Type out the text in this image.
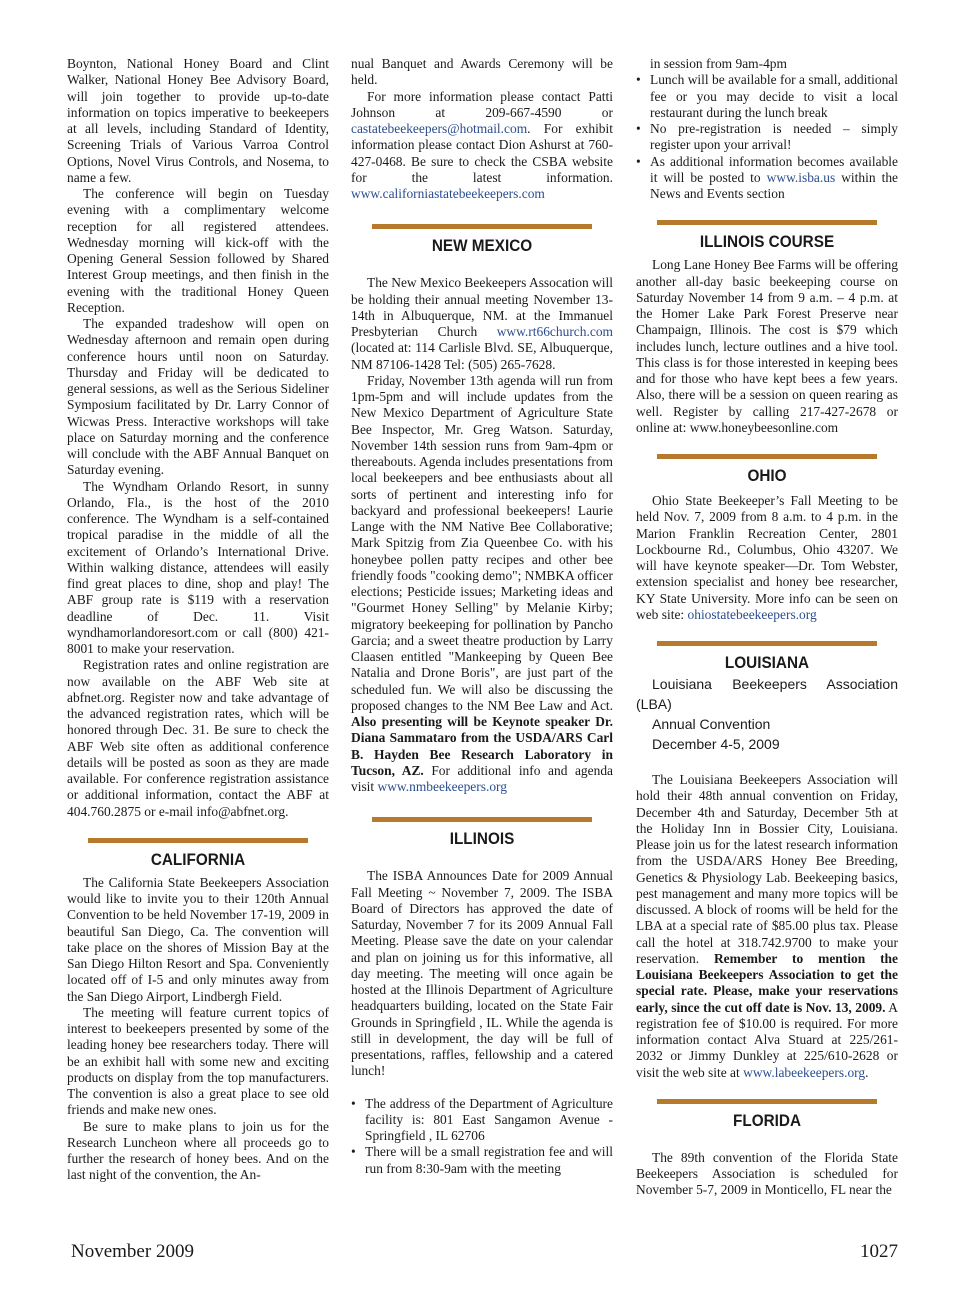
Boynton, National Honey Board and Clint Walker, National Honey Bee Advisory Board, will join together to provide up-to-date information on topics imperative to beekeepers at all levels, including Standard of Identity, Screening Trials of Various Varroa Control Options, Novel Virus Controls, and Nosema, to name a few.

The conference will begin on Tuesday evening with a complimentary welcome reception for all registered attendees. Wednesday morning will kick-off with the Opening General Session followed by Shared Interest Group meetings, and then finish in the evening with the traditional Honey Queen Reception.

The expanded tradeshow will open on Wednesday afternoon and remain open during conference hours until noon on Saturday. Thursday and Friday will be dedicated to general sessions, as well as the Serious Sideliner Symposium facilitated by Dr. Larry Connor of Wicwas Press. Interactive workshops will take place on Saturday morning and the conference will conclude with the ABF Annual Banquet on Saturday evening.

The Wyndham Orlando Resort, in sunny Orlando, Fla., is the host of the 2010 conference. The Wyndham is a self-contained tropical paradise in the middle of all the excitement of Orlando’s International Drive. Within walking distance, attendees will easily find great places to dine, shop and play! The ABF group rate is $119 with a reservation deadline of Dec. 11. Visit wyndhamorlandoresort.com or call (800) 421-8001 to make your reservation.

Registration rates and online registration are now available on the ABF Web site at abfnet.org. Register now and take advantage of the advanced registration rates, which will be honored through Dec. 31. Be sure to check the ABF Web site often as additional conference details will be posted as soon as they are made available. For conference registration assistance or additional information, contact the ABF at 404.760.2875 or e-mail info@abfnet.org.

CALIFORNIA

The California State Beekeepers Association would like to invite you to their 120th Annual Convention to be held November 17-19, 2009 in beautiful San Diego, Ca. The convention will take place on the shores of Mission Bay at the San Diego Hilton Resort and Spa. Conveniently located off of I-5 and only minutes away from the San Diego Airport, Lindbergh Field.

The meeting will feature current topics of interest to beekeepers presented by some of the leading honey bee researchers today. There will be an exhibit hall with some new and exciting products on display from the top manufacturers. The convention is also a great place to see old friends and make new ones.

Be sure to make plans to join us for the Research Luncheon where all proceeds go to further the research of honey bees. And on the last night of the convention, the An-

nual Banquet and Awards Ceremony will be held.

For more information please contact Patti Johnson at 209-667-4590 or castatebeekeepers@hotmail.com. For exhibit information please contact Dion Ashurst at 760-427-0468. Be sure to check the CSBA website for the latest information. www.californiastatebeekeepers.com

NEW MEXICO

The New Mexico Beekeepers Assocation will be holding their annual meeting November 13-14th in Albuquerque, NM. at the Immanuel Presbyterian Church www.rt66church.com (located at: 114 Carlisle Blvd. SE, Albuquerque, NM 87106-1428 Tel: (505) 265-7628.

Friday, November 13th agenda will run from 1pm-5pm and will include updates from the New Mexico Department of Agriculture State Bee Inspector, Mr. Greg Watson. Saturday, November 14th session runs from 9am-4pm or thereabouts. Agenda includes presentations from local beekeepers and bee enthusiasts about all sorts of pertinent and interesting info for backyard and professional beekeepers! Laurie Lange with the NM Native Bee Collaborative; Mark Spitzig from Zia Queenbee Co. with his honeybee pollen patty recipes and other bee friendly foods "cooking demo"; NMBKA officer elections; Pesticide issues; Marketing ideas and "Gourmet Honey Selling" by Melanie Kirby; migratory beekeeping for pollination by Pancho Garcia; and a sweet theatre production by Larry Claasen entitled "Mankeeping by Queen Bee Natalia and Drone Boris", are just part of the scheduled fun. We will also be discussing the proposed changes to the NM Bee Law and Act. Also presenting will be Keynote speaker Dr. Diana Sammataro from the USDA/ARS Carl B. Hayden Bee Research Laboratory in Tucson, AZ. For additional info and agenda visit www.nmbeekeepers.org

ILLINOIS

The ISBA Announces Date for 2009 Annual Fall Meeting ~ November 7, 2009. The ISBA Board of Directors has approved the date of Saturday, November 7 for its 2009 Annual Fall Meeting. Please save the date on your calendar and plan on joining us for this informative, all day meeting. The meeting will once again be hosted at the Illinois Department of Agriculture headquarters building, located on the State Fair Grounds in Springfield , IL. While the agenda is still in development, the day will be full of presentations, raffles, fellowship and a catered lunch!

• The address of the Department of Agriculture facility is: 801 East Sangamon Avenue - Springfield , IL 62706
• There will be a small registration fee and will run from 8:30-9am with the meeting
in session from 9am-4pm
• Lunch will be available for a small, additional fee or you may decide to visit a local restaurant during the lunch break
• No pre-registration is needed – simply register upon your arrival!
• As additional information becomes available it will be posted to www.isba.us within the News and Events section
ILLINOIS COURSE

Long Lane Honey Bee Farms will be offering another all-day basic beekeeping course on Saturday November 14 from 9 a.m. – 4 p.m. at the Homer Lake Park Forest Preserve near Champaign, Illinois. The cost is $79 which includes lunch, lecture outlines and a hive tool. This class is for those interested in keeping bees and for those who have kept bees a few years. Also, there will be a session on queen rearing as well. Register by calling 217-427-2678 or online at: www.honeybeesonline.com

OHIO

Ohio State Beekeeper’s Fall Meeting to be held Nov. 7, 2009 from 8 a.m. to 4 p.m. in the Marion Franklin Recreation Center, 2801 Lockbourne Rd., Columbus, Ohio 43207. We will have keynote speaker—Dr. Tom Webster, extension specialist and honey bee researcher, KY State University. More info can be seen on web site: ohiostatebeekeepers.org

LOUISIANA

Louisiana Beekeepers Association (LBA)

Annual Convention

December 4-5, 2009

The Louisiana Beekeepers Association will hold their 48th annual convention on Friday, December 4th and Saturday, December 5th at the Holiday Inn in Bossier City, Louisiana. Please join us for the latest research information from the USDA/ARS Honey Bee Breeding, Genetics & Physiology Lab. Beekeeping basics, pest management and many more topics will be discussed. A block of rooms will be held for the LBA at a special rate of $85.00 plus tax. Please call the hotel at 318.742.9700 to make your reservation. Remember to mention the Louisiana Beekeepers Association to get the special rate. Please, make your reservations early, since the cut off date is Nov. 13, 2009. A registration fee of $10.00 is required. For more information contact Alva Stuard at 225/261-2032 or Jimmy Dunkley at 225/610-2628 or visit the web site at www.labeekeepers.org.

FLORIDA

The 89th convention of the Florida State Beekeepers Association is scheduled for November 5-7, 2009 in Monticello, FL near the

November 2009	1027
